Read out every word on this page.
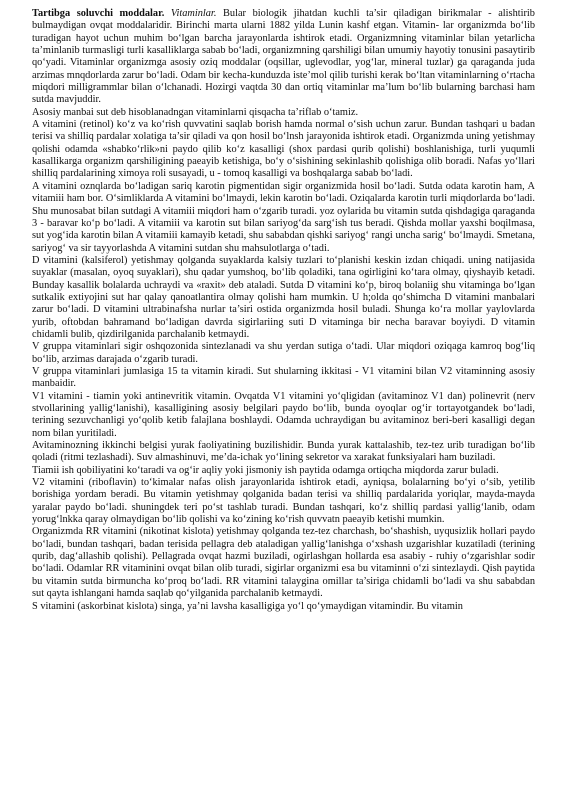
Tartibga soluvchi moddalar. Vitaminlar. Bular biologik jihatdan kuchli ta’sir qiladigan birikmalar - alishtirib bulmaydigan ovqat moddalaridir. Birinchi marta ularni 1882 yilda Lunin kashf etgan. Vitamin- lar organizmda bo‘lib turadigan hayot uchun muhim bo‘lgan barcha jarayonlarda ishtirok etadi. Organizmning vitaminlar bilan yetarlicha ta’minlanib turmasligi turli kasalliklarga sabab bo‘ladi, organizmning qarshiligi bilan umumiy hayotiy tonusini pasaytirib qo‘yadi. Vitaminlar organizmga asosiy oziq moddalar (oqsillar, uglevodlar, yog‘lar, mineral tuzlar) ga qaraganda juda arzimas mnqdorlarda zarur bo‘ladi. Odam bir kecha-kunduzda iste’mol qilib turishi kerak bo‘ltan vitaminlarning o‘rtacha miqdori milligrammlar bilan o‘lchanadi. Hozirgi vaqtda 30 dan ortiq vitaminlar ma’lum bo‘lib bularning barchasi ham sutda mavjuddir.

Asosiy manbai sut deb hisoblanadngan vitaminlarni qisqacha ta’riflab o‘tamiz.

A vitamini (retinol) ko‘z va ko‘rish quvvatini saqlab borish hamda normal o‘sish uchun zarur. Bundan tashqari u badan terisi va shilliq pardalar xolatiga ta’sir qiladi va qon hosil bo‘lnsh jarayonida ishtirok etadi. Organizmda uning yetishmay qolishi odamda «shabko‘rlik»ni paydo qilib ko‘z kasalligi (shox pardasi qurib qolishi) boshlanishiga, turli yuqumli kasallikarga organizm qarshiligining paeayib ketishiga, bo‘y o‘sishining sekinlashib qolishiga olib boradi. Nafas yo‘llari shilliq pardalarining ximoya roli susayadi, u - tomoq kasalligi va boshqalarga sabab bo‘ladi.

A vitamini oznqlarda bo‘ladigan sariq karotin pigmentidan sigir organizmida hosil bo‘ladi. Sutda odata karotin ham, A vitamiii ham bor. O‘simliklarda A vitamini bo‘lmaydi, lekin karotin bo‘ladi. Oziqalarda karotin turli miqdorlarda bo‘ladi. Shu munosabat bilan sutdagi A vitamiii miqdori ham o‘zgarib turadi. yoz oylarida bu vitamin sutda qishdagiga qaraganda 3 - baravar ko‘p bo‘ladi. A vitamiii va karotin sut bilan sariyog‘da sarg‘ish tus beradi. Qishda mollar yaxshi boqilmasa, sut yog‘ida karotin bilan A vitamiii kamayib ketadi, shu sababdan qishki sariyog‘ rangi uncha sarig‘ bo‘lmaydi. Smetana, sariyog‘ va sir tayyorlashda A vitamini sutdan shu mahsulotlarga o‘tadi.

D vitamini (kalsiferol) yetishmay qolganda suyaklarda kalsiy tuzlari to‘planishi keskin izdan chiqadi. uning natijasida suyaklar (masalan, oyoq suyaklari), shu qadar yumshoq, bo‘lib qoladiki, tana ogirligini ko‘tara olmay, qiyshayib ketadi. Bunday kasallik bolalarda uchraydi va «raxit» deb ataladi. Sutda D vitamini ko‘p, biroq bolaniig shu vitaminga bo‘lgan sutkalik extiyojini sut har qalay qanoatlantira olmay qolishi ham mumkin. U h;olda qo‘shimcha D vitamini manbalari zarur bo‘ladi. D vitamini ultrabinafsha nurlar ta’siri ostida organizmda hosil buladi. Shunga ko‘ra mollar yaylovlarda yurib, oftobdan bahramand bo‘ladigan davrda sigirlariing suti D vitaminga bir necha baravar boyiydi. D vitamin chidamli bulib, qizdirilganida parchalanib ketmaydi.

V gruppa vitaminlari sigir oshqozonida sintezlanadi va shu yerdan sutiga o‘tadi. Ular miqdori oziqaga kamroq bog‘liq bo‘lib, arzimas darajada o‘zgarib turadi.

V gruppa vitaminlari jumlasiga 15 ta vitamin kiradi. Sut shularning ikkitasi - V1 vitamini bilan V2 vitaminning asosiy manbaidir.

V1 vitamini - tiamin yoki antinevritik vitamin. Ovqatda V1 vitamini yo‘qligidan (avitaminoz V1 dan) polinevrit (nerv stvollarining yallig‘lanishi), kasalligining asosiy belgilari paydo bo‘lib, bunda oyoqlar og‘ir tortayotgandek bo‘ladi, terining sezuvchanligi yo‘qolib ketib falajlana boshlaydi. Odamda uchraydigan bu avitaminoz beri-beri kasalligi degan nom bilan yuritiladi.

Avitaminozning ikkinchi belgisi yurak faoliyatining buzilishidir. Bunda yurak kattalashib, tez-tez urib turadigan bo‘lib qoladi (ritmi tezlashadi). Suv almashinuvi, me’da-ichak yo‘lining sekretor va xarakat funksiyalari ham buziladi.

Tiamii ish qobiliyatini ko‘taradi va og‘ir aqliy yoki jismoniy ish paytida odamga ortiqcha miqdorda zarur buladi.

V2 vitamini (riboflavin) to‘kimalar nafas olish jarayonlarida ishtirok etadi, ayniqsa, bolalarning bo‘yi o‘sib, yetilib borishiga yordam beradi. Bu vitamin yetishmay qolganida badan terisi va shilliq pardalarida yoriqlar, mayda-mayda yaralar paydo bo‘ladi. shuningdek teri po‘st tashlab turadi. Bundan tashqari, ko‘z shilliq pardasi yallig‘lanib, odam yorug‘lnkka qaray olmaydigan bo‘lib qolishi va ko‘zining ko‘rish quvvatn paeayib ketishi mumkin.

Organizmda RR vitamini (nikotinat kislota) yetishmay qolganda tez-tez charchash, bo‘shashish, uyqusizlik hollari paydo bo‘ladi, bundan tashqari, badan terisida pellagra deb ataladigan yallig‘lanishga o‘xshash uzgarishlar kuzatiladi (terining qurib, dag‘allashib qolishi). Pellagrada ovqat hazmi buziladi, ogirlashgan hollarda esa asabiy - ruhiy o‘zgarishlar sodir bo‘ladi. Odamlar RR vitaminini ovqat bilan olib turadi, sigirlar organizmi esa bu vitaminni o‘zi sintezlaydi. Qish paytida bu vitamin sutda birmuncha ko‘proq bo‘ladi. RR vitamini talaygina omillar ta’siriga chidamli bo‘ladi va shu sababdan sut qayta ishlangani hamda saqlab qo‘yilganida parchalanib ketmaydi.

S vitamini (askorbinat kislota) singa, ya’ni lavsha kasalligiga yo‘l qo‘ymaydigan vitamindir. Bu vitamin
